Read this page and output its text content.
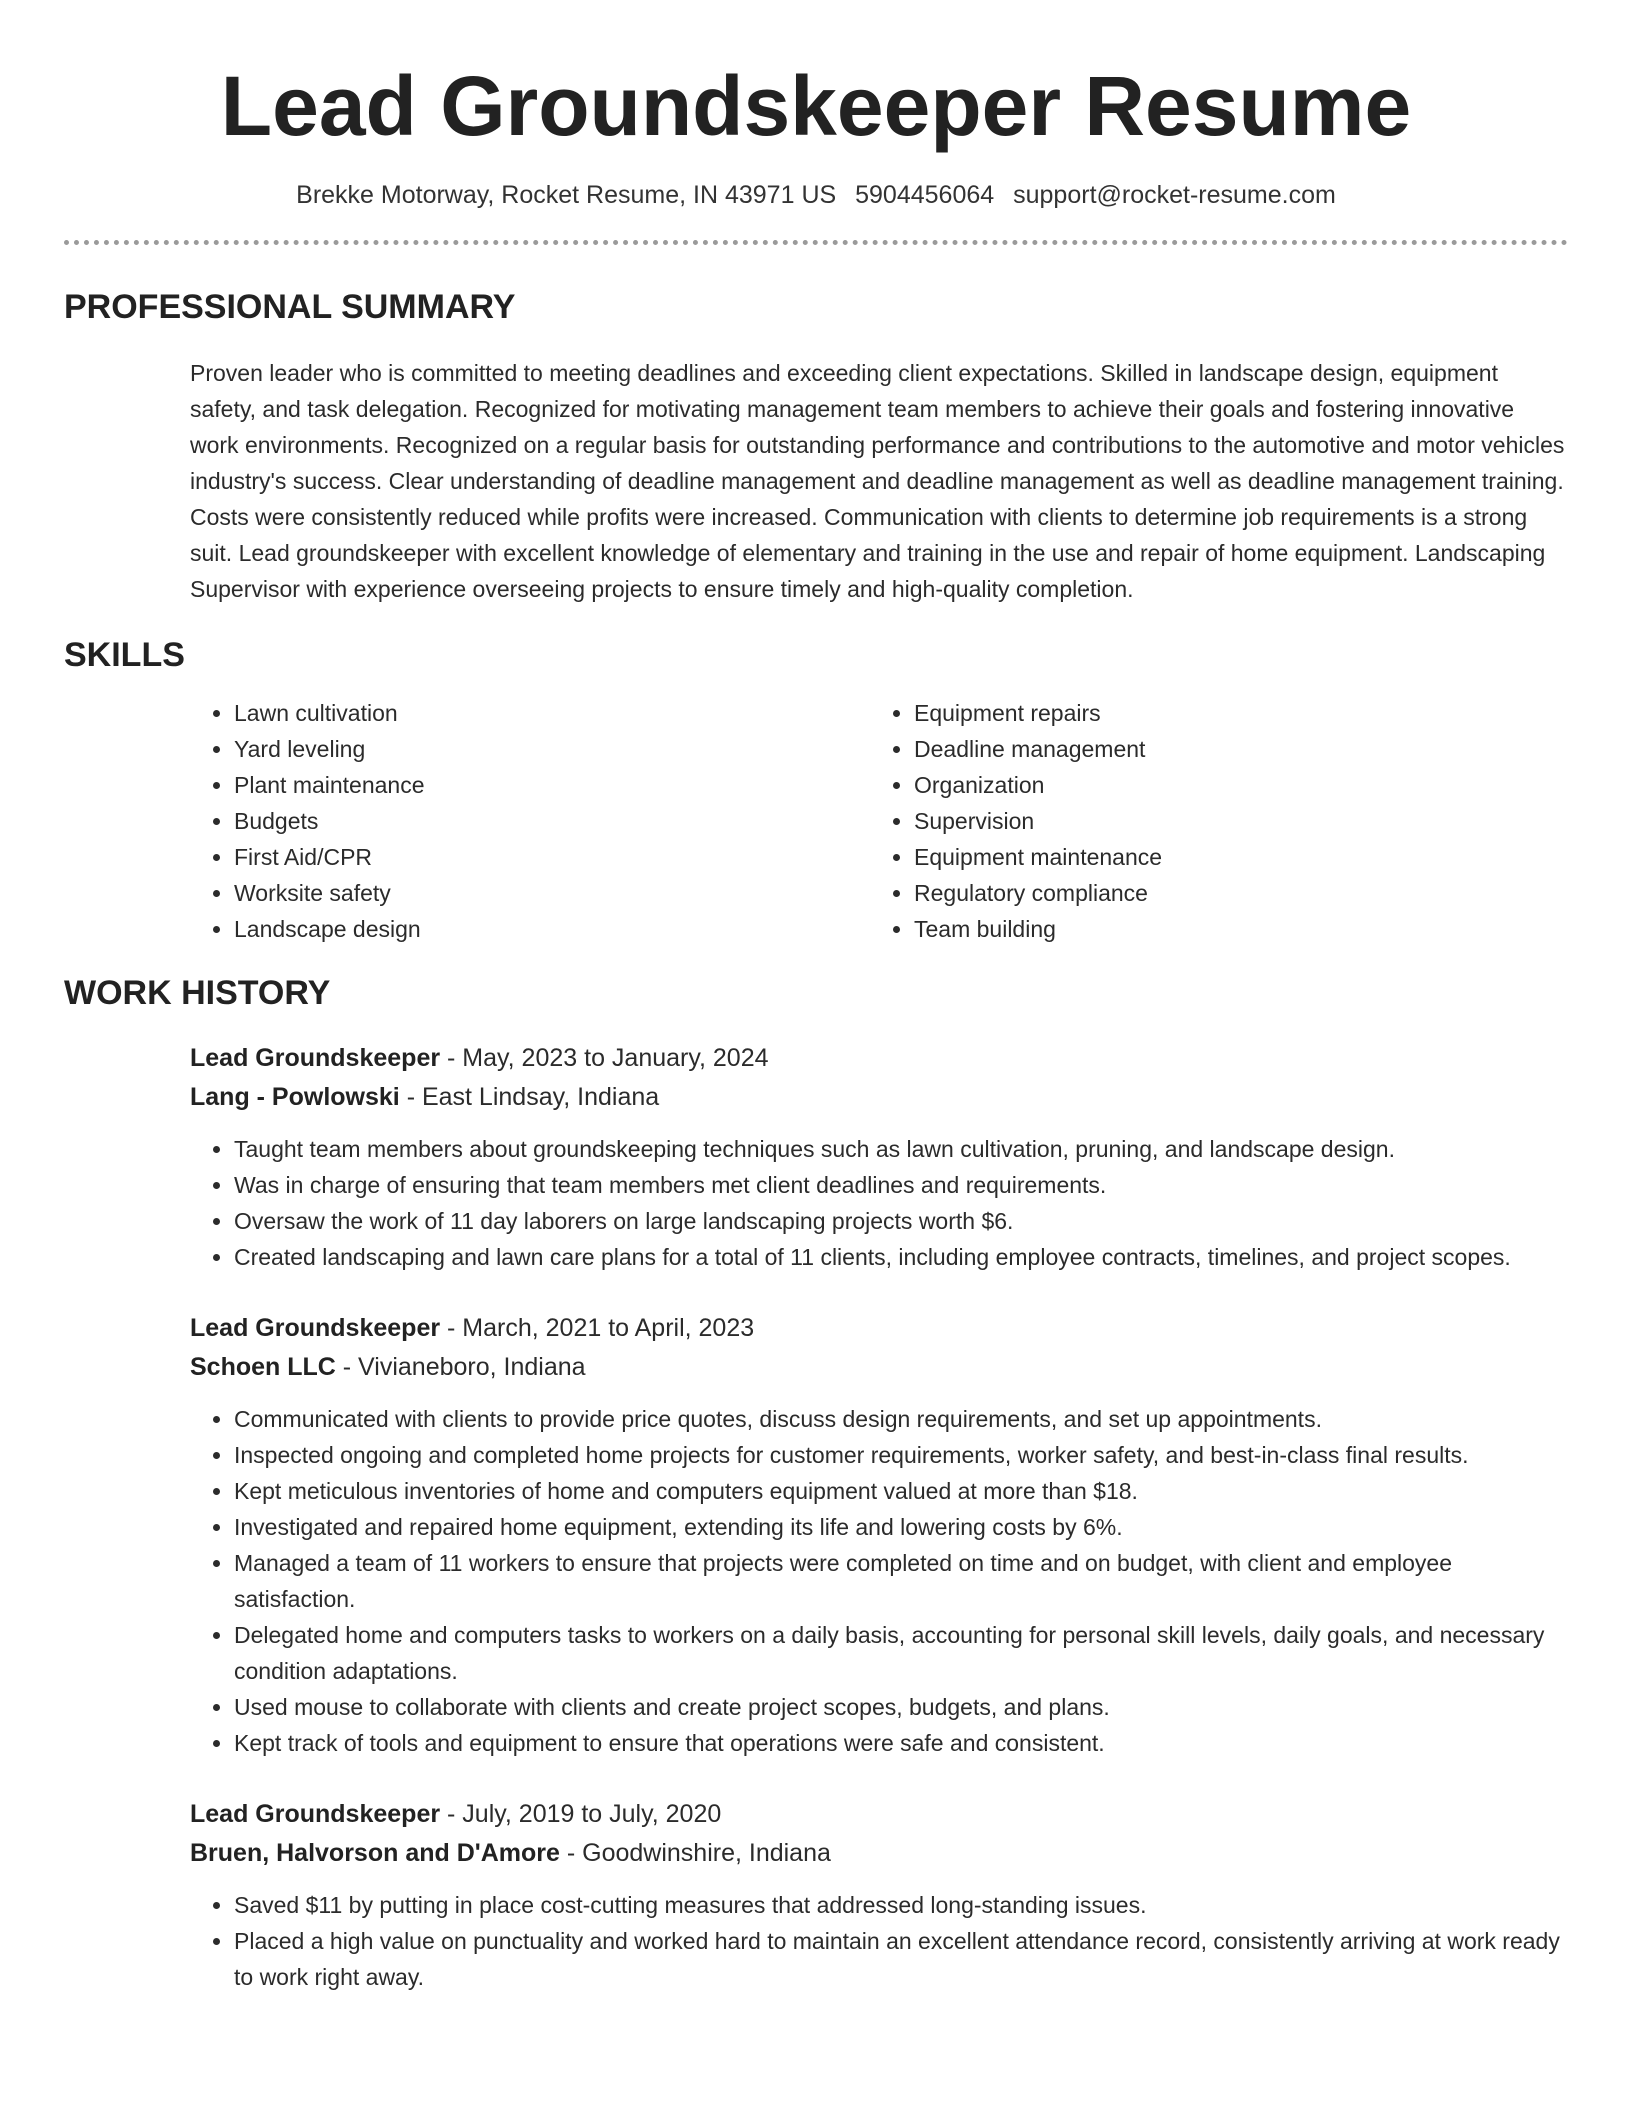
Lead Groundskeeper Resume
Brekke Motorway, Rocket Resume, IN 43971 US 5904456064 support@rocket-resume.com
PROFESSIONAL SUMMARY

Proven leader who is committed to meeting deadlines and exceeding client expectations. Skilled in landscape design, equipment safety, and task delegation. Recognized for motivating management team members to achieve their goals and fostering innovative work environments. Recognized on a regular basis for outstanding performance and contributions to the automotive and motor vehicles industry's success. Clear understanding of deadline management and deadline management as well as deadline management training. Costs were consistently reduced while profits were increased. Communication with clients to determine job requirements is a strong suit. Lead groundskeeper with excellent knowledge of elementary and training in the use and repair of home equipment. Landscaping Supervisor with experience overseeing projects to ensure timely and high-quality completion.

SKILLS
• Lawn cultivation
• Yard leveling
• Plant maintenance
• Budgets
• First Aid/CPR
• Worksite safety
• Landscape design
• Equipment repairs
• Deadline management
• Organization
• Supervision
• Equipment maintenance
• Regulatory compliance
• Team building
WORK HISTORY
Lead Groundskeeper - May, 2023 to January, 2024
Lang - Powlowski - East Lindsay, Indiana
• Taught team members about groundskeeping techniques such as lawn cultivation, pruning, and landscape design.
• Was in charge of ensuring that team members met client deadlines and requirements.
• Oversaw the work of 11 day laborers on large landscaping projects worth $6.
• Created landscaping and lawn care plans for a total of 11 clients, including employee contracts, timelines, and project scopes.
Lead Groundskeeper - March, 2021 to April, 2023
Schoen LLC - Vivianeboro, Indiana
• Communicated with clients to provide price quotes, discuss design requirements, and set up appointments.
• Inspected ongoing and completed home projects for customer requirements, worker safety, and best-in-class final results.
• Kept meticulous inventories of home and computers equipment valued at more than $18.
• Investigated and repaired home equipment, extending its life and lowering costs by 6%.
• Managed a team of 11 workers to ensure that projects were completed on time and on budget, with client and employee satisfaction.
• Delegated home and computers tasks to workers on a daily basis, accounting for personal skill levels, daily goals, and necessary condition adaptations.
• Used mouse to collaborate with clients and create project scopes, budgets, and plans.
• Kept track of tools and equipment to ensure that operations were safe and consistent.
Lead Groundskeeper - July, 2019 to July, 2020
Bruen, Halvorson and D'Amore - Goodwinshire, Indiana
• Saved $11 by putting in place cost-cutting measures that addressed long-standing issues.
• Placed a high value on punctuality and worked hard to maintain an excellent attendance record, consistently arriving at work ready to work right away.
